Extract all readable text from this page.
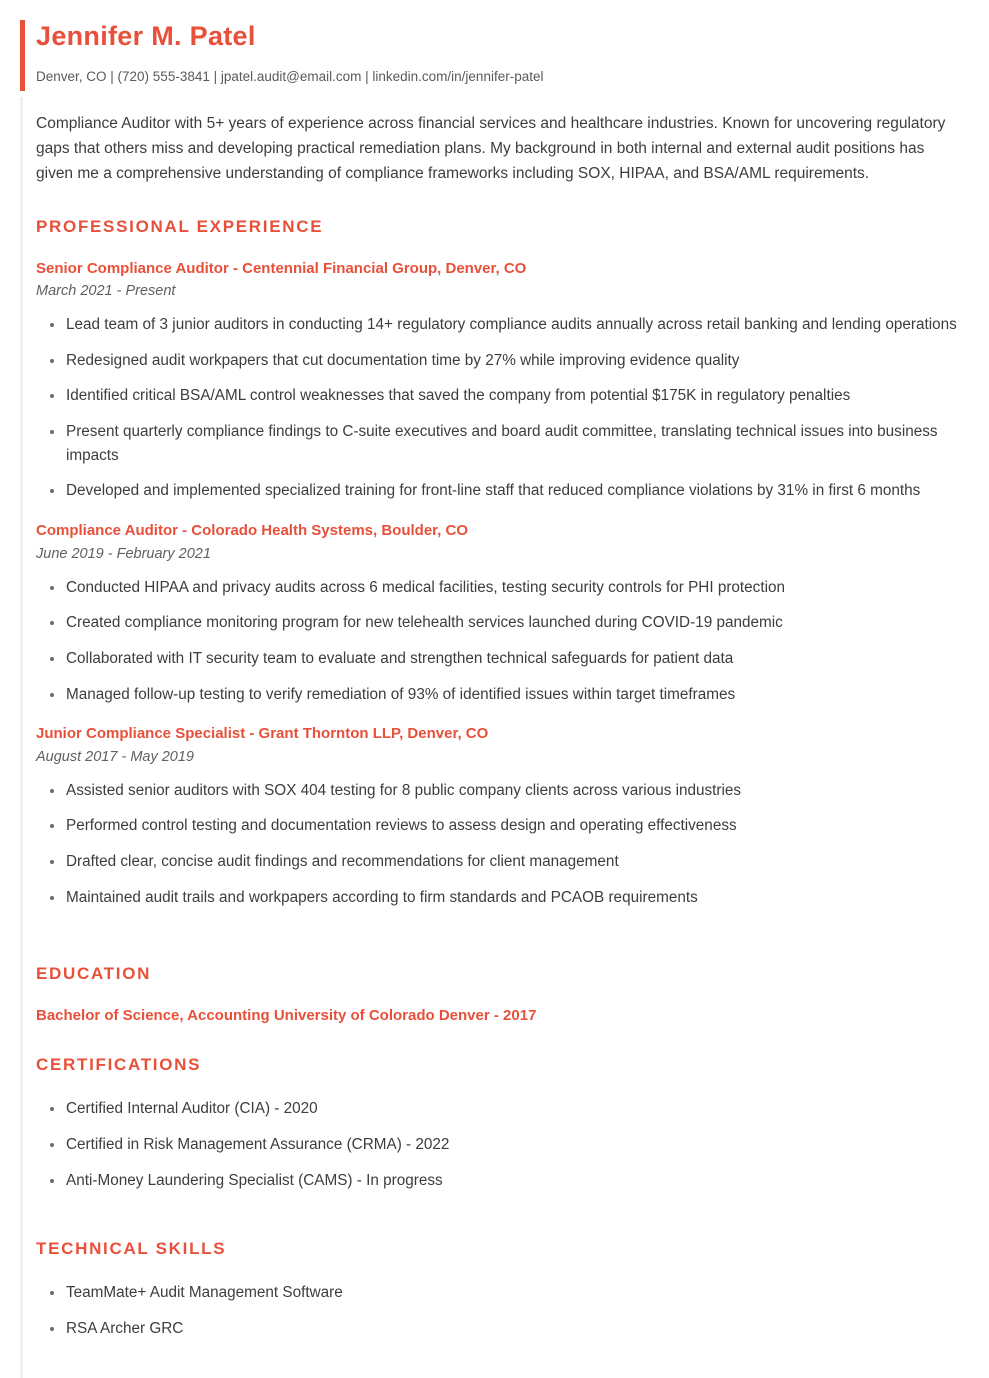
Jennifer M. Patel

Denver, CO | (720) 555-3841 | jpatel.audit@email.com | linkedin.com/in/jennifer-patel

Compliance Auditor with 5+ years of experience across financial services and healthcare industries. Known for uncovering regulatory gaps that others miss and developing practical remediation plans. My background in both internal and external audit positions has given me a comprehensive understanding of compliance frameworks including SOX, HIPAA, and BSA/AML requirements.

PROFESSIONAL EXPERIENCE
Senior Compliance Auditor - Centennial Financial Group, Denver, CO

March 2021 - Present

Lead team of 3 junior auditors in conducting 14+ regulatory compliance audits annually across retail banking and lending operations
Redesigned audit workpapers that cut documentation time by 27% while improving evidence quality
Identified critical BSA/AML control weaknesses that saved the company from potential $175K in regulatory penalties
Present quarterly compliance findings to C-suite executives and board audit committee, translating technical issues into business impacts
Developed and implemented specialized training for front-line staff that reduced compliance violations by 31% in first 6 months
Compliance Auditor - Colorado Health Systems, Boulder, CO

June 2019 - February 2021

Conducted HIPAA and privacy audits across 6 medical facilities, testing security controls for PHI protection
Created compliance monitoring program for new telehealth services launched during COVID-19 pandemic
Collaborated with IT security team to evaluate and strengthen technical safeguards for patient data
Managed follow-up testing to verify remediation of 93% of identified issues within target timeframes
Junior Compliance Specialist - Grant Thornton LLP, Denver, CO

August 2017 - May 2019

Assisted senior auditors with SOX 404 testing for 8 public company clients across various industries
Performed control testing and documentation reviews to assess design and operating effectiveness
Drafted clear, concise audit findings and recommendations for client management
Maintained audit trails and workpapers according to firm standards and PCAOB requirements
EDUCATION

Bachelor of Science, Accounting University of Colorado Denver - 2017

CERTIFICATIONS
Certified Internal Auditor (CIA) - 2020
Certified in Risk Management Assurance (CRMA) - 2022
Anti-Money Laundering Specialist (CAMS) - In progress
TECHNICAL SKILLS
TeamMate+ Audit Management Software
RSA Archer GRC
